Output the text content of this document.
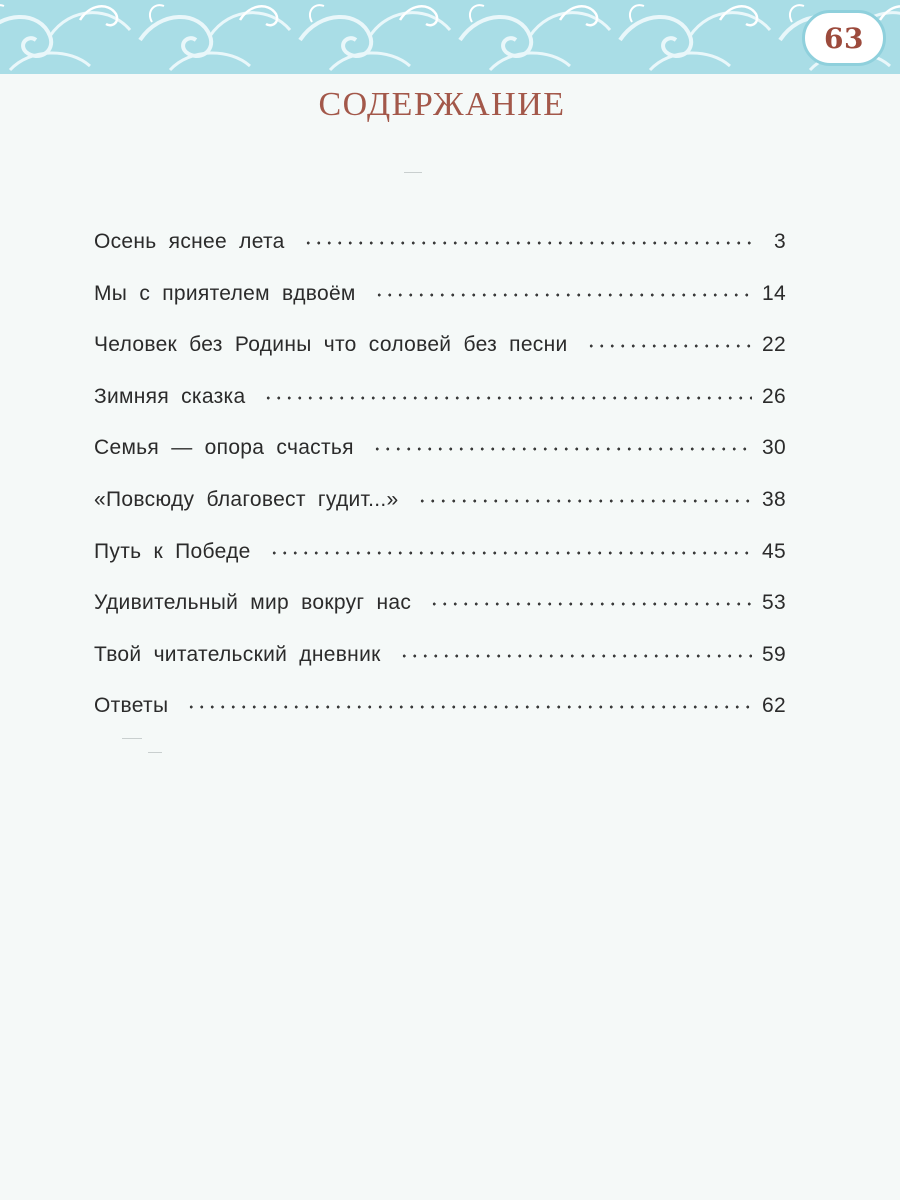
63
СОДЕРЖАНИЕ
Осень яснее лета	3
Мы с приятелем вдвоём	14
Человек без Родины что соловей без песни	22
Зимняя сказка	26
Семья — опора счастья	30
«Повсюду благовест гудит...»	38
Путь к Победе	45
Удивительный мир вокруг нас	53
Твой читательский дневник	59
Ответы	62
